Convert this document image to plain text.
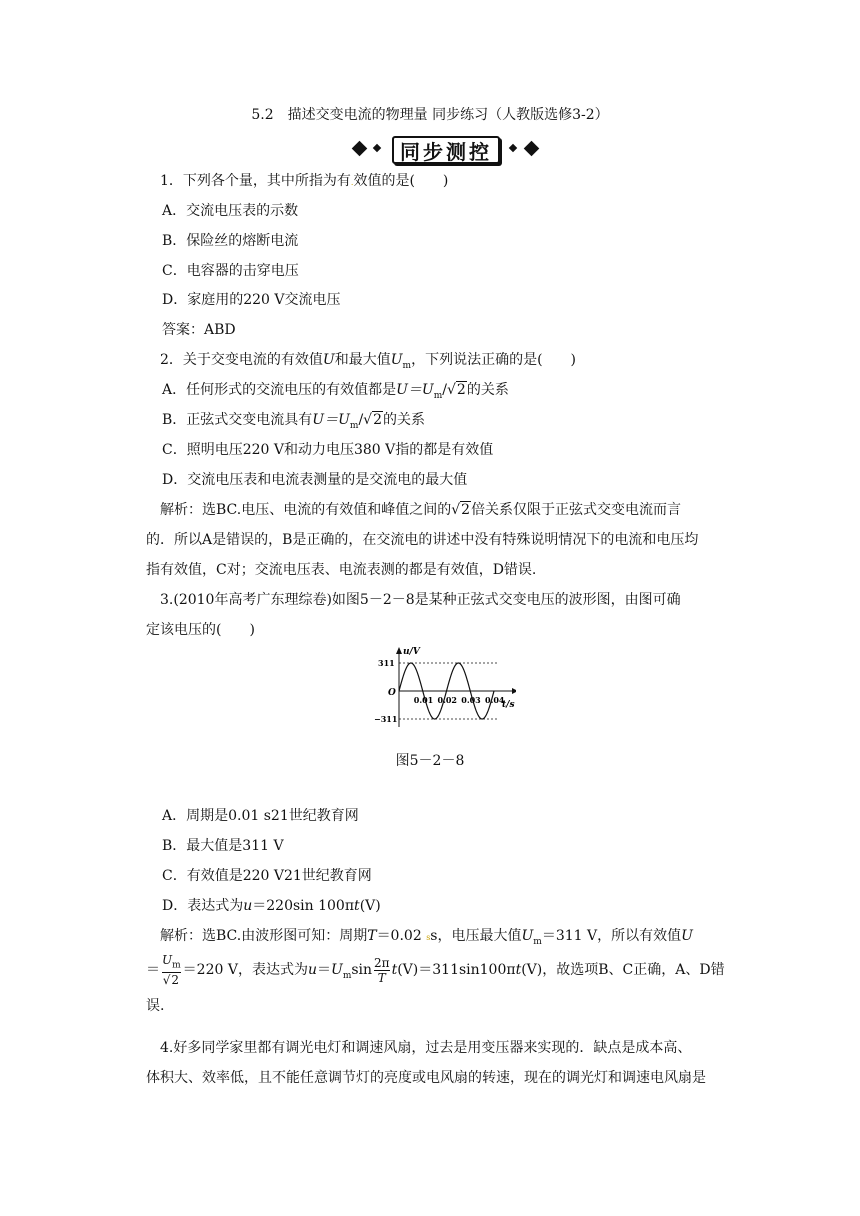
5.2　描述交变电流的物理量 同步练习（人教版选修3-2）
同步测控
1．下列各个量，其中所指为有.效值的是(　　)
A．交流电压表的示数
B．保险丝的熔断电流
C．电容器的击穿电压
D．家庭用的220 V交流电压
答案：ABD
2．关于交变电流的有效值U和最大值$U_m$，下列说法正确的是(　　)
A．任何形式的交流电压的有效值都是$U=U_m/√2$的关系
B．正弦式交变电流具有$U=U_m/√2$的关系
C．照明电压220 V和动力电压380 V指的都是有效值
D．交流电压表和电流表测量的是交流电的最大值
解析：选BC.电压、电流的有效值和峰值之间的√2倍关系仅限于正弦式交变电流而言
的．所以A是错误的，B是正确的，在交流电的讲述中没有特殊说明情况下的电流和电压均
指有效值，C对；交流电压表、电流表测的都是有效值，D错误.
3.(2010年高考广东理综卷)如图5－2－8是某种正弦式交变电压的波形图，由图可确
定该电压的(　　)
u/V
t/s
O
0.01 0.02 0.03 0.04
311
−311
图5－2－8
A．周期是0.01 s21世纪教育网
B．最大值是311 V
C．有效值是220 V21世纪教育网
D．表达式为u＝220sin 100πt(V)
解析：选BC.由波形图可知：周期T＝0.02 ss，电压最大值$U_m=311$ V，所以有效值U
＝ $\frac{U_m}{√2} =220$ V，表达式为$u=U_m\sin \frac{2\pi}{T} t(V)=311\sin 100\pi t(V)$，故选项B、C正确，A、D错
误.
4.好多同学家里都有调光电灯和调速风扇，过去是用变压器来实现的．缺点是成本高、
体积大、效率低，且不能任意调节灯的亮度或电风扇的转速，现在的调光灯和调速电风扇是
